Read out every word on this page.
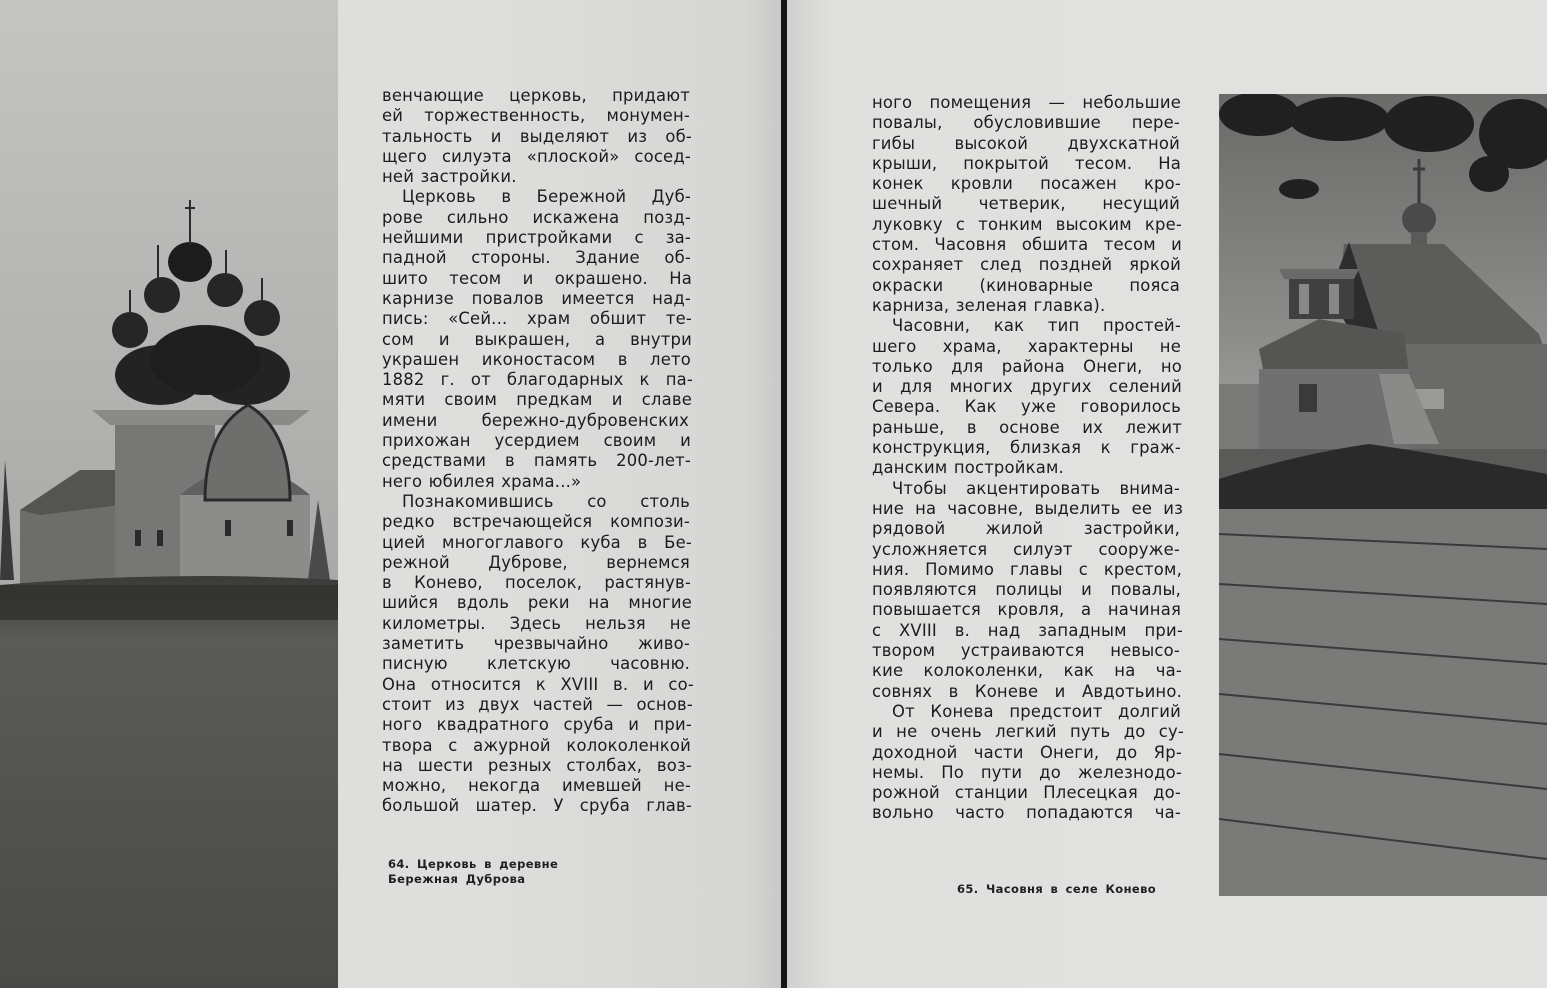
венчающие церковь, придают
ей торжественность, монумен-
тальность и выделяют из об-
щего силуэта «плоской» сосед-
ней застройки.
Церковь в Бережной Дуб-
рове сильно искажена позд-
нейшими пристройками с за-
падной стороны. Здание об-
шито тесом и окрашено. На
карнизе повалов имеется над-
пись: «Сей... храм обшит те-
сом и выкрашен, а внутри
украшен иконостасом в лето
1882 г. от благодарных к па-
мяти своим предкам и славе
имени бережно-дубровенских
прихожан усердием своим и
средствами в память 200-лет-
него юбилея храма...»
Познакомившись со столь
редко встречающейся компози-
цией многоглавого куба в Бе-
режной Дуброве, вернемся
в Конево, поселок, растянув-
шийся вдоль реки на многие
километры. Здесь нельзя не
заметить чрезвычайно живо-
писную клетскую часовню.
Она относится к XVIII в. и со-
стоит из двух частей — основ-
ного квадратного сруба и при-
твора с ажурной колоколенкой
на шести резных столбах, воз-
можно, некогда имевшей не-
большой шатер. У сруба глав-
ного помещения — небольшие
повалы, обусловившие пере-
гибы высокой двухскатной
крыши, покрытой тесом. На
конек кровли посажен кро-
шечный четверик, несущий
луковку с тонким высоким кре-
стом. Часовня обшита тесом и
сохраняет след поздней яркой
окраски (киноварные пояса
карниза, зеленая главка).
Часовни, как тип простей-
шего храма, характерны не
только для района Онеги, но
и для многих других селений
Севера. Как уже говорилось
раньше, в основе их лежит
конструкция, близкая к граж-
данским постройкам.
Чтобы акцентировать внима-
ние на часовне, выделить ее из
рядовой жилой застройки,
усложняется силуэт сооруже-
ния. Помимо главы с крестом,
появляются полицы и повалы,
повышается кровля, а начиная
с XVIII в. над западным при-
твором устраиваются невысо-
кие колоколенки, как на ча-
совнях в Коневе и Авдотьино.
От Конева предстоит долгий
и не очень легкий путь до су-
доходной части Онеги, до Яр-
немы. По пути до железнодо-
рожной станции Плесецкая до-
вольно часто попадаются ча-
64. Церковь в деревне
Бережная Дуброва
65. Часовня в селе Конево
